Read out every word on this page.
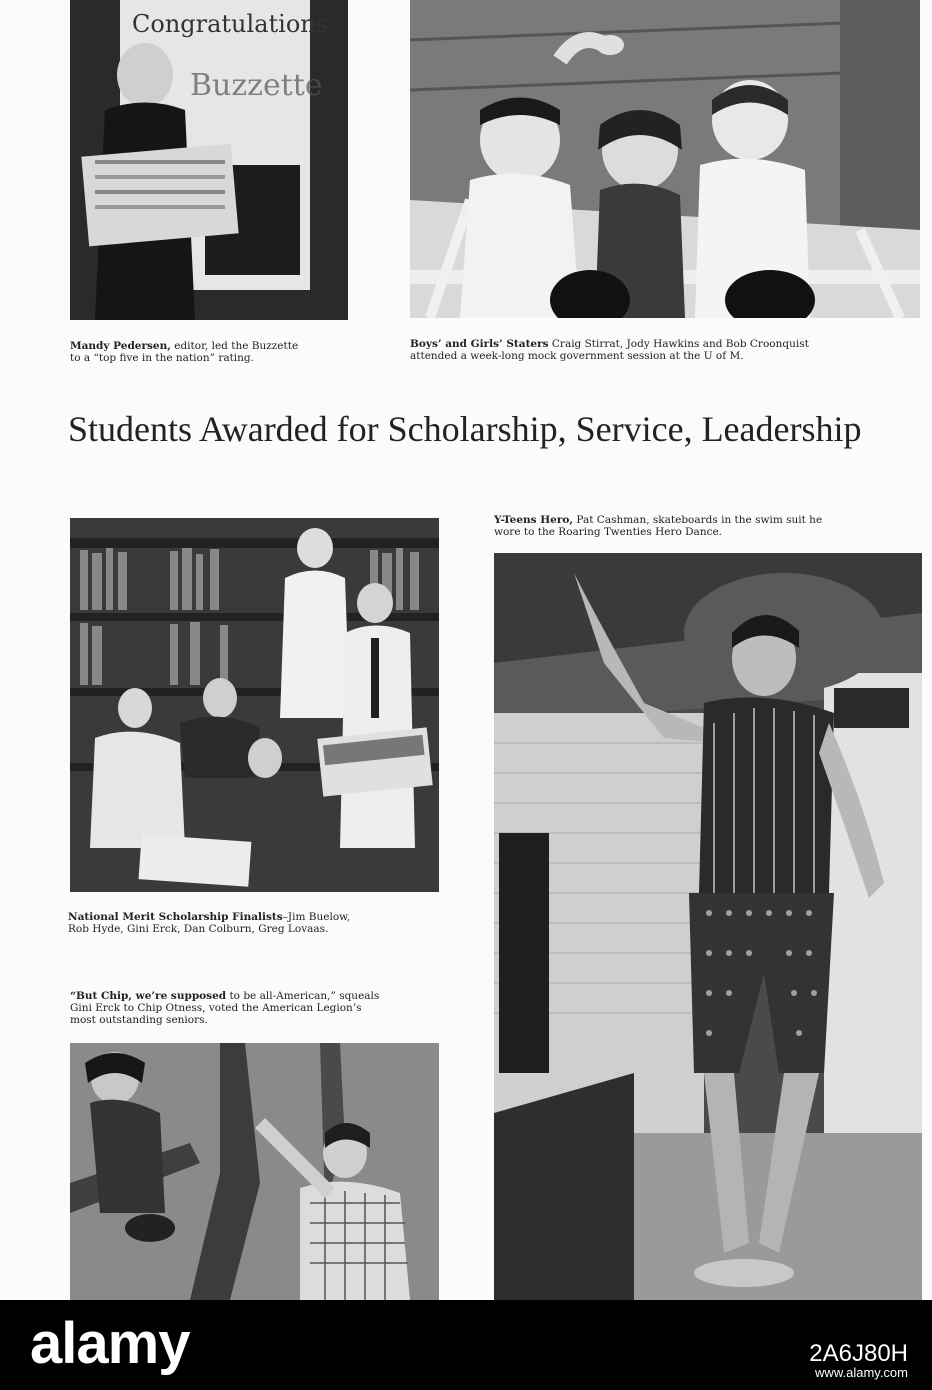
Congratulations
Buzzette
Mandy Pedersen, editor, led the Buzzette
to a “top five in the nation” rating.
Boys’ and Girls’ Staters Craig Stirrat, Jody Hawkins and Bob Croonquist
attended a week-long mock government session at the U of M.
Students Awarded for Scholarship, Service, Leadership
National Merit Scholarship Finalists–Jim Buelow,
Rob Hyde, Gini Erck, Dan Colburn, Greg Lovaas.
“But Chip, we’re supposed to be all-American,” squeals
Gini Erck to Chip Otness, voted the American Legion’s
most outstanding seniors.
Y-Teens Hero, Pat Cashman, skateboards in the swim suit he
wore to the Roaring Twenties Hero Dance.
alamy	2A6J80H
www.alamy.com
